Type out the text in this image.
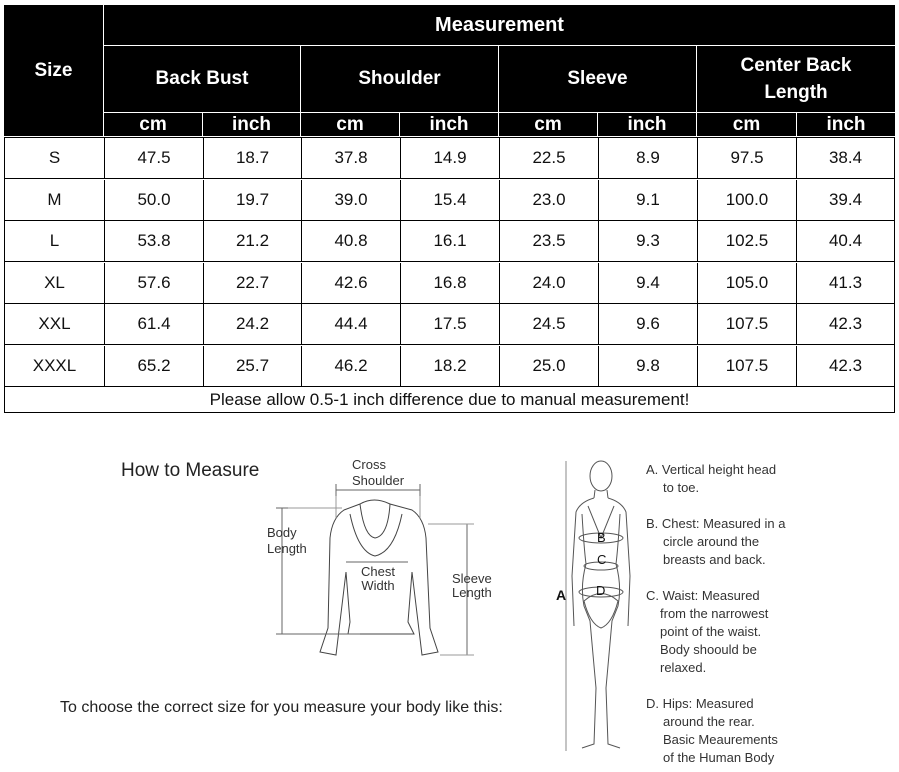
Size
Measurement
Back Bust	Shoulder	Sleeve
Center Back
Length
cm	inch	cm	inch	cm	inch	cm	inch
S	47.5	18.7	37.8	14.9	22.5	8.9	97.5	38.4
M	50.0	19.7	39.0	15.4	23.0	9.1	100.0	39.4
L	53.8	21.2	40.8	16.1	23.5	9.3	102.5	40.4
XL	57.6	22.7	42.6	16.8	24.0	9.4	105.0	41.3
XXL	61.4	24.2	44.4	17.5	24.5	9.6	107.5	42.3
XXXL	65.2	25.7	46.2	18.2	25.0	9.8	107.5	42.3
Please allow 0.5-1 inch difference due to manual measurement!
How to Measure	Cross
Shoulder
Body
Length
Chest
Width	Sleeve
Length
To choose the correct size for you measure your body like this:
A
B
C
D
A. Vertical height head
to toe.
B. Chest: Measured in a
circle around the
breasts and back.
C. Waist: Measured
from the narrowest
point of the waist.
Body shoould be
relaxed.
D. Hips: Measured
around the rear.
Basic Meaurements
of the Human Body
